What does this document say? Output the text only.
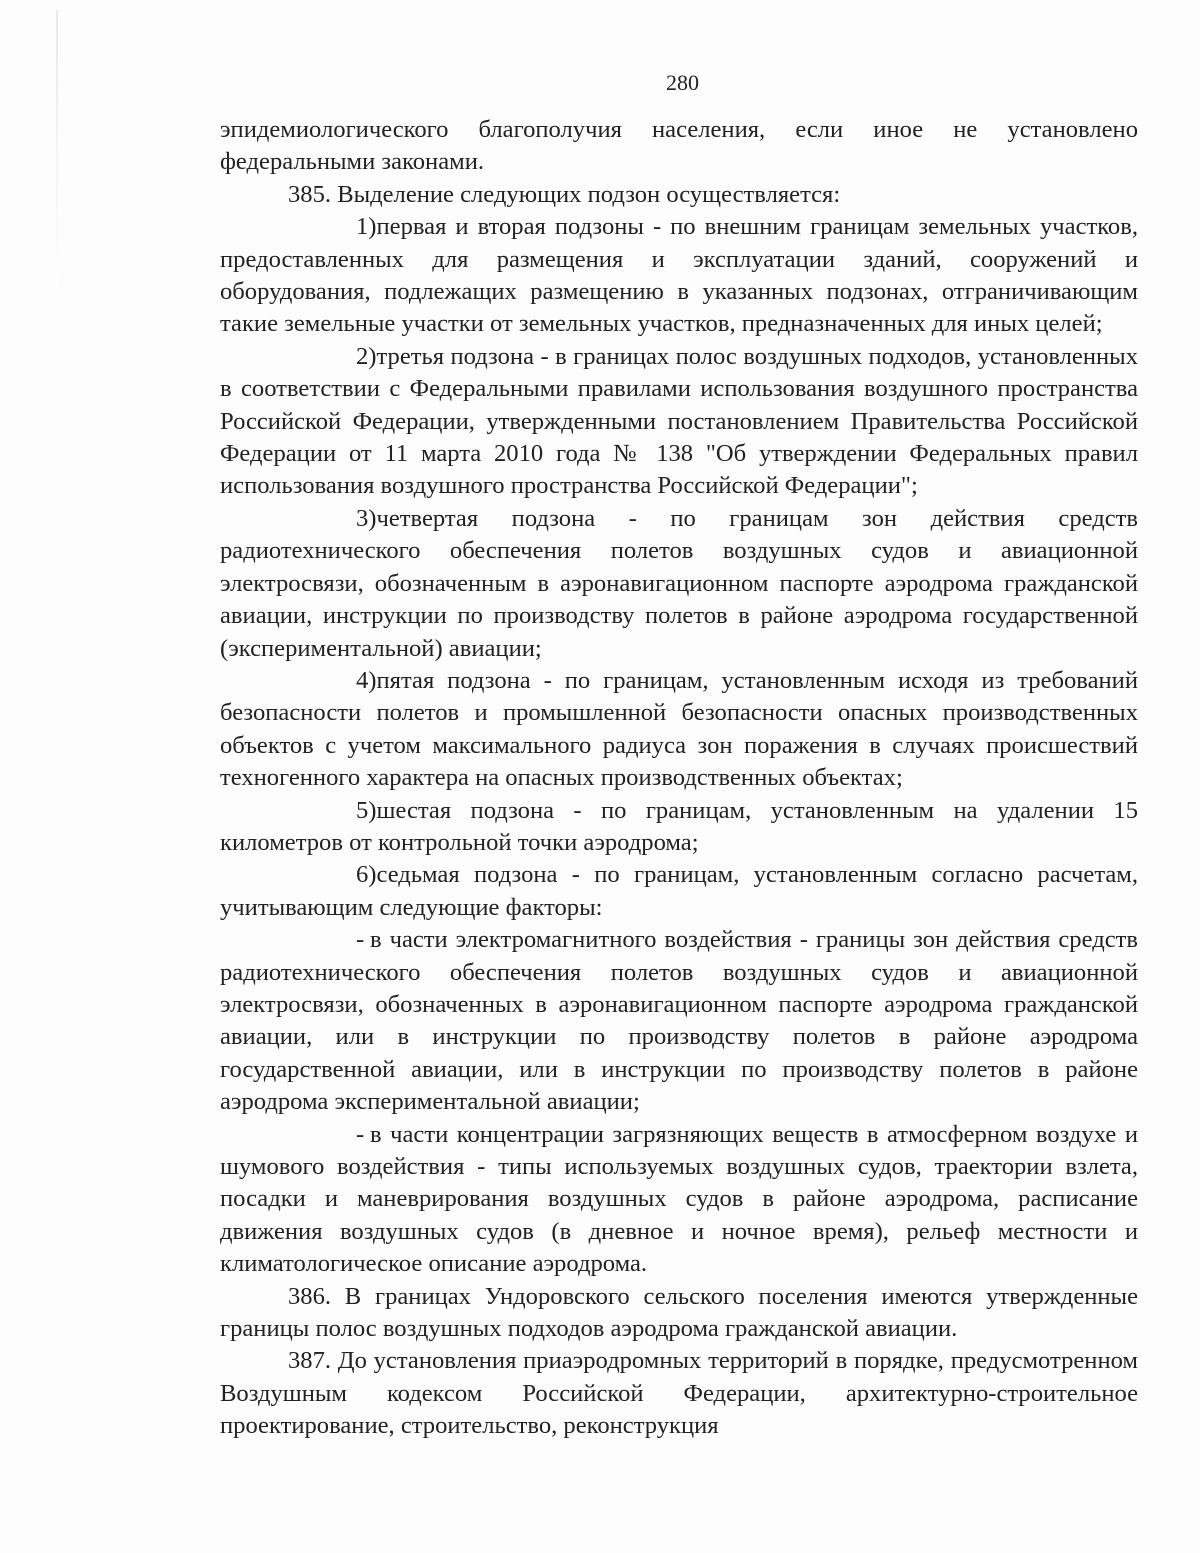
280

эпидемиологического благополучия населения, если иное не установлено федеральными законами.

385. Выделение следующих подзон осуществляется:

1)первая и вторая подзоны - по внешним границам земельных участков, предоставленных для размещения и эксплуатации зданий, сооружений и оборудования, подлежащих размещению в указанных подзонах, отграничивающим такие земельные участки от земельных участков, предназначенных для иных целей;

2)третья подзона - в границах полос воздушных подходов, установленных в соответствии с Федеральными правилами использования воздушного пространства Российской Федерации, утвержденными постановлением Правительства Российской Федерации от 11 марта 2010 года № 138 "Об утверждении Федеральных правил использования воздушного пространства Российской Федерации";

3)четвертая подзона - по границам зон действия средств радиотехнического обеспечения полетов воздушных судов и авиационной электросвязи, обозначенным в аэронавигационном паспорте аэродрома гражданской авиации, инструкции по производству полетов в районе аэродрома государственной (экспериментальной) авиации;

4)пятая подзона - по границам, установленным исходя из требований безопасности полетов и промышленной безопасности опасных производственных объектов с учетом максимального радиуса зон поражения в случаях происшествий техногенного характера на опасных производственных объектах;

5)шестая подзона - по границам, установленным на удалении 15 километров от контрольной точки аэродрома;

6)седьмая подзона - по границам, установленным согласно расчетам, учитывающим следующие факторы:

- в части электромагнитного воздействия - границы зон действия средств радиотехнического обеспечения полетов воздушных судов и авиационной электросвязи, обозначенных в аэронавигационном паспорте аэродрома гражданской авиации, или в инструкции по производству полетов в районе аэродрома государственной авиации, или в инструкции по производству полетов в районе аэродрома экспериментальной авиации;

- в части концентрации загрязняющих веществ в атмосферном воздухе и шумового воздействия - типы используемых воздушных судов, траектории взлета, посадки и маневрирования воздушных судов в районе аэродрома, расписание движения воздушных судов (в дневное и ночное время), рельеф местности и климатологическое описание аэродрома.

386. В границах Ундоровского сельского поселения имеются утвержденные границы полос воздушных подходов аэродрома гражданской авиации.

387. До установления приаэродромных территорий в порядке, предусмотренном Воздушным кодексом Российской Федерации, архитектурно-строительное проектирование, строительство, реконструкция
